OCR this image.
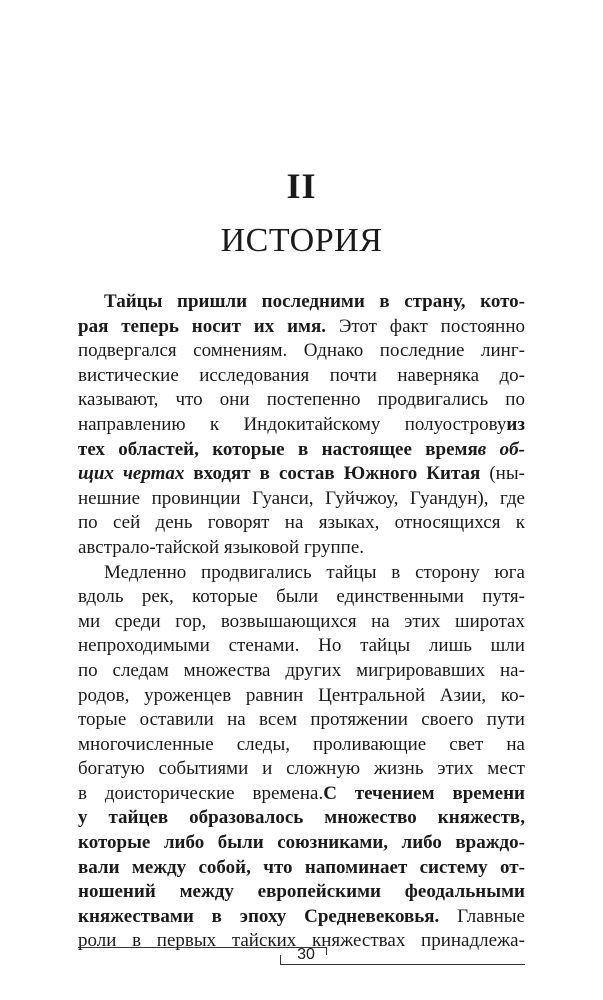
II
ИСТОРИЯ
Тайцы пришли последними в страну, кото-
рая теперь носит их имя. Этот факт постоянно
подвергался сомнениям. Однако последние линг-
вистические исследования почти наверняка до-
казывают, что они постепенно продвигались по
направлению к Индокитайскому полуостровуиз
тех областей, которые в настоящее времяв об-
щих чертах входят в состав Южного Китая (ны-
нешние провинции Гуанси, Гуйчжоу, Гуандун), где
по сей день говорят на языках, относящихся к
австрало-тайской языковой группе.
Медленно продвигались тайцы в сторону юга
вдоль рек, которые были единственными путя-
ми среди гор, возвышающихся на этих широтах
непроходимыми стенами. Но тайцы лишь шли
по следам множества других мигрировавших на-
родов, уроженцев равнин Центральной Азии, ко-
торые оставили на всем протяжении своего пути
многочисленные следы, проливающие свет на
богатую событиями и сложную жизнь этих мест
в доисторические времена.С течением времени
у тайцев образовалось множество княжеств,
которые либо были союзниками, либо враждо-
вали между собой, что напоминает систему от-
ношений между европейскими феодальными
княжествами в эпоху Средневековья. Главные
роли в первых тайских княжествах принадлежа-
30
